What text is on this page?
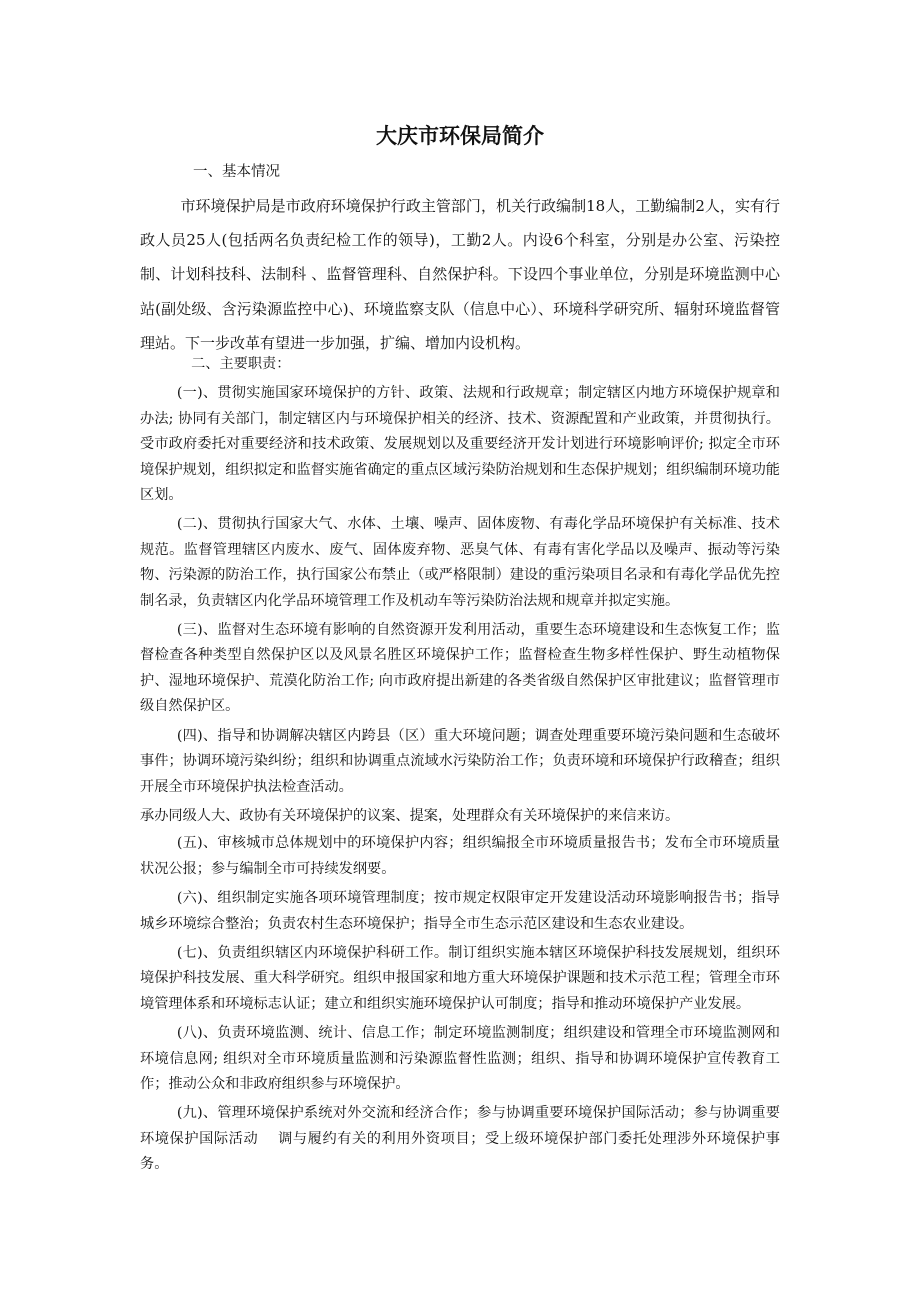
大庆市环保局简介
一、基本情况
市环境保护局是市政府环境保护行政主管部门，机关行政编制18人，工勤编制2人，实有行政人员25人(包括两名负责纪检工作的领导)，工勤2人。内设6个科室，分别是办公室、污染控制、计划科技科、法制科 、监督管理科、自然保护科。下设四个事业单位，分别是环境监测中心站(副处级、含污染源监控中心)、环境监察支队（信息中心）、环境科学研究所、辐射环境监督管理站。下一步改革有望进一步加强，扩编、增加内设机构。
二、主要职责：

(一)、贯彻实施国家环境保护的方针、政策、法规和行政规章；制定辖区内地方环境保护规章和办法; 协同有关部门，制定辖区内与环境保护相关的经济、技术、资源配置和产业政策，并贯彻执行。受市政府委托对重要经济和技术政策、发展规划以及重要经济开发计划进行环境影响评价; 拟定全市环境保护规划，组织拟定和监督实施省确定的重点区域污染防治规划和生态保护规划；组织编制环境功能区划。

(二)、贯彻执行国家大气、水体、土壤、噪声、固体废物、有毒化学品环境保护有关标准、技术规范。监督管理辖区内废水、废气、固体废弃物、恶臭气体、有毒有害化学品以及噪声、振动等污染物、污染源的防治工作，执行国家公布禁止（或严格限制）建设的重污染项目名录和有毒化学品优先控制名录，负责辖区内化学品环境管理工作及机动车等污染防治法规和规章并拟定实施。

(三)、监督对生态环境有影响的自然资源开发利用活动，重要生态环境建设和生态恢复工作；监督检查各种类型自然保护区以及风景名胜区环境保护工作；监督检查生物多样性保护、野生动植物保护、湿地环境保护、荒漠化防治工作; 向市政府提出新建的各类省级自然保护区审批建议；监督管理市级自然保护区。

(四)、指导和协调解决辖区内跨县（区）重大环境问题；调查处理重要环境污染问题和生态破坏事件；协调环境污染纠纷；组织和协调重点流域水污染防治工作；负责环境和环境保护行政稽查；组织开展全市环境保护执法检查活动。

承办同级人大、政协有关环境保护的议案、提案，处理群众有关环境保护的来信来访。

(五)、审核城市总体规划中的环境保护内容；组织编报全市环境质量报告书；发布全市环境质量状况公报；参与编制全市可持续发纲要。

(六)、组织制定实施各项环境管理制度；按市规定权限审定开发建设活动环境影响报告书；指导城乡环境综合整治；负责农村生态环境保护；指导全市生态示范区建设和生态农业建设。

(七)、负责组织辖区内环境保护科研工作。制订组织实施本辖区环境保护科技发展规划，组织环境保护科技发展、重大科学研究。组织申报国家和地方重大环境保护课题和技术示范工程；管理全市环境管理体系和环境标志认证；建立和组织实施环境保护认可制度；指导和推动环境保护产业发展。

(八)、负责环境监测、统计、信息工作；制定环境监测制度；组织建设和管理全市环境监测网和环境信息网; 组织对全市环境质量监测和污染源监督性监测；组织、指导和协调环境保护宣传教育工作；推动公众和非政府组织参与环境保护。

(九)、管理环境保护系统对外交流和经济合作；参与协调重要环境保护国际活动；参与协调重要环境保护国际活动　 调与履约有关的利用外资项目；受上级环境保护部门委托处理涉外环境保护事务。
